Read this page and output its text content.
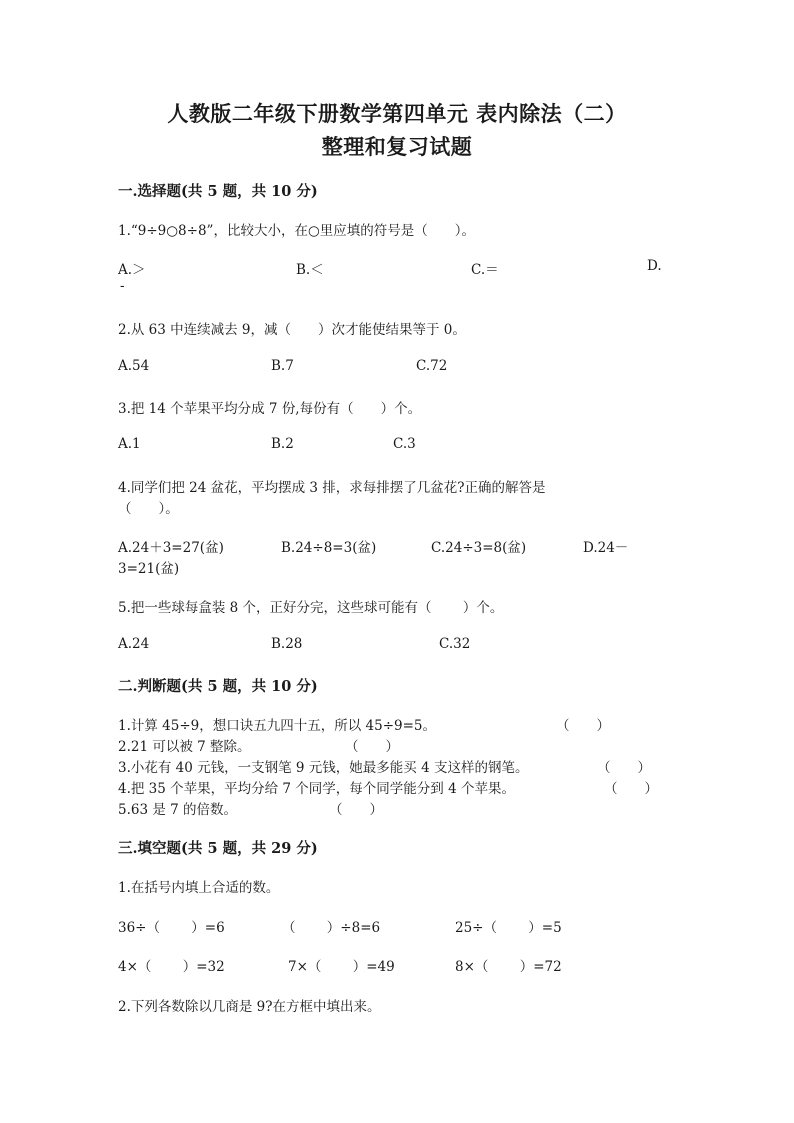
人教版二年级下册数学第四单元 表内除法（二）
整理和复习试题
一.选择题(共 5 题，共 10 分)
1.“9÷9○8÷8”，比较大小，在○里应填的符号是（　　）。
A.＞	B.＜	C.＝	D.
-
2.从 63 中连续减去 9，减（　　）次才能使结果等于 0。
A.54	B.7	C.72
3.把 14 个苹果平均分成 7 份,每份有（　　）个。
A.1	B.2	C.3
4.同学们把 24 盆花，平均摆成 3 排，求每排摆了几盆花?正确的解答是
（　　）。
A.24＋3=27(盆)	B.24÷8=3(盆)	C.24÷3=8(盆)	D.24－
3=21(盆)
5.把一些球每盒装 8 个，正好分完，这些球可能有（　　 ）个。
A.24	B.28	C.32
二.判断题(共 5 题，共 10 分)
1.计算 45÷9，想口诀五九四十五，所以 45÷9=5。	（　　）
2.21 可以被 7 整除。	（　　）
3.小花有 40 元钱，一支钢笔 9 元钱，她最多能买 4 支这样的钢笔。	（　　）
4.把 35 个苹果，平均分给 7 个同学，每个同学能分到 4 个苹果。	（　　）
5.63 是 7 的倍数。	（　　）
三.填空题(共 5 题，共 29 分)
1.在括号内填上合适的数。
36÷（　　 ）=6	（　　 ）÷8=6	25÷（　　 ）=5
4×（　　 ）=32	7×（　　 ）=49	8×（　　 ）=72
2.下列各数除以几商是 9?在方框中填出来。
